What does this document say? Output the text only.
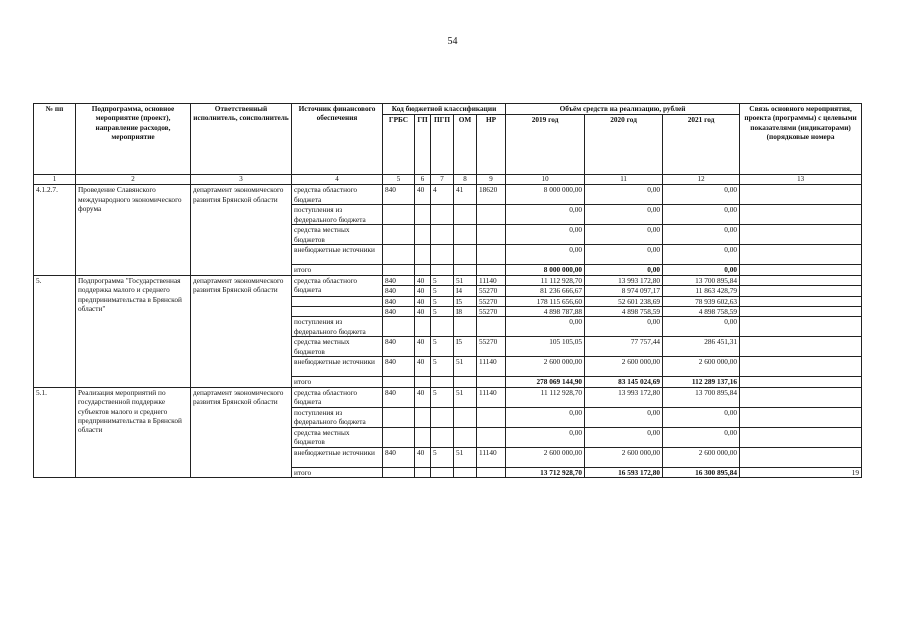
54
№ пп	Подпрограмма, основное мероприятие (проект), направление расходов, мероприятие	Ответственный исполнитель, соисполнитель	Источник финансового обеспечения	Код бюджетной классификации					Объём средств на реализацию, рублей			Связь основного мероприятия, проекта (программы) с целевыми показателями (индикаторами) (порядковые номера
				ГРБС	ГП	ПГП	ОМ	НР	2019 год	2020 год	2021 год	
1	2	3	4	5	6	7	8	9	10	11	12	13
4.1.2.7.	Проведение Славянского международного экономического форума	департамент экономического развития Брянской области	средства областного бюджета	840	40	4	41	18620	8 000 000,00	0,00	0,00	
			поступления из федерального бюджета						0,00	0,00	0,00	
			средства местных бюджетов						0,00	0,00	0,00	
			внебюджетные источники						0,00	0,00	0,00	
			итого						8 000 000,00	0,00	0,00	
5.	Подпрограмма "Государственная поддержка малого и среднего предпринимательства в Брянской области"	департамент экономического развития Брянской области	средства областного бюджета	840	40	5	51	11140	11 112 928,70	13 993 172,80	13 700 895,84	
				840	40	5	I4	55270	81 236 666,67	8 974 097,17	11 863 428,79	
				840	40	5	I5	55270	178 115 656,60	52 601 238,69	78 939 602,63	
				840	40	5	I8	55270	4 898 787,88	4 898 758,59	4 898 758,59	
			поступления из федерального бюджета						0,00	0,00	0,00	
			средства местных бюджетов	840	40	5	I5	55270	105 105,05	77 757,44	286 451,31	
			внебюджетные источники	840	40	5	51	11140	2 600 000,00	2 600 000,00	2 600 000,00	
			итого						278 069 144,90	83 145 024,69	112 289 137,16	
5.1.	Реализация мероприятий по государственной поддержке субъектов малого и среднего предпринимательства в Брянской области	департамент экономического развития Брянской области	средства областного бюджета	840	40	5	51	11140	11 112 928,70	13 993 172,80	13 700 895,84	
			поступления из федерального бюджета						0,00	0,00	0,00	
			средства местных бюджетов						0,00	0,00	0,00	
			внебюджетные источники	840	40	5	51	11140	2 600 000,00	2 600 000,00	2 600 000,00	
			итого						13 712 928,70	16 593 172,80	16 300 895,84	19
